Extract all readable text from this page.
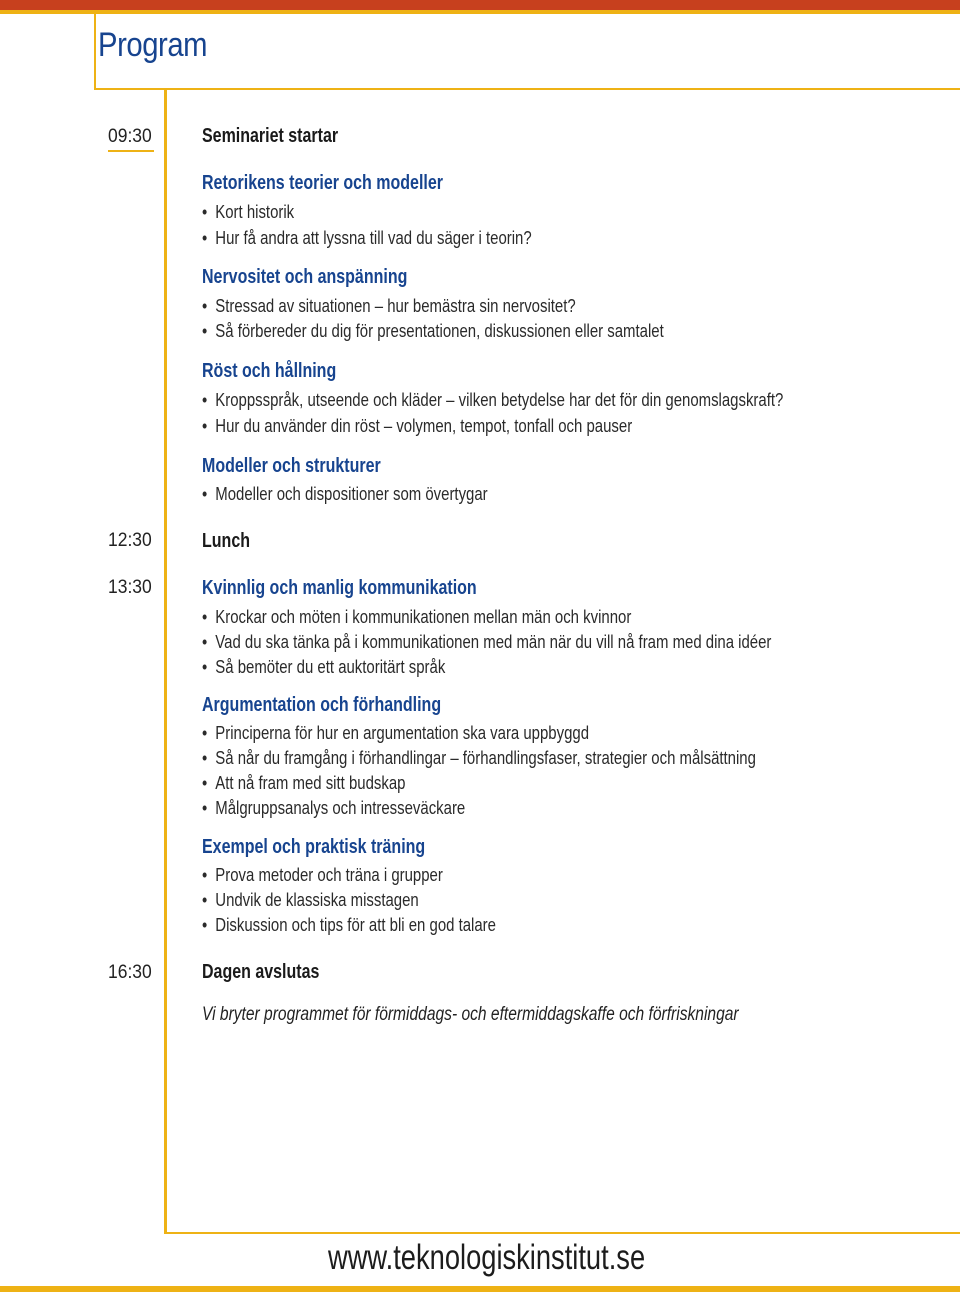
Program
09:30
12:30
13:30
16:30
Seminariet startar
Retorikens teorier och modeller
• Kort historik
• Hur få andra att lyssna till vad du säger i teorin?
Nervositet och anspänning
• Stressad av situationen – hur bemästra sin nervositet?
• Så förbereder du dig för presentationen, diskussionen eller samtalet
Röst och hållning
• Kroppsspråk, utseende och kläder – vilken betydelse har det för din genomslagskraft?
• Hur du använder din röst – volymen, tempot, tonfall och pauser
Modeller och strukturer
• Modeller och dispositioner som övertygar
Lunch
Kvinnlig och manlig kommunikation
• Krockar och möten i kommunikationen mellan män och kvinnor
• Vad du ska tänka på i kommunikationen med män när du vill nå fram med dina idéer
• Så bemöter du ett auktoritärt språk
Argumentation och förhandling
• Principerna för hur en argumentation ska vara uppbyggd
• Så når du framgång i förhandlingar – förhandlingsfaser, strategier och målsättning
• Att nå fram med sitt budskap
• Målgruppsanalys och intresseväckare
Exempel och praktisk träning
• Prova metoder och träna i grupper
• Undvik de klassiska misstagen
• Diskussion och tips för att bli en god talare
Dagen avslutas
Vi bryter programmet för förmiddags- och eftermiddagskaffe och förfriskningar
www.teknologiskinstitut.se
